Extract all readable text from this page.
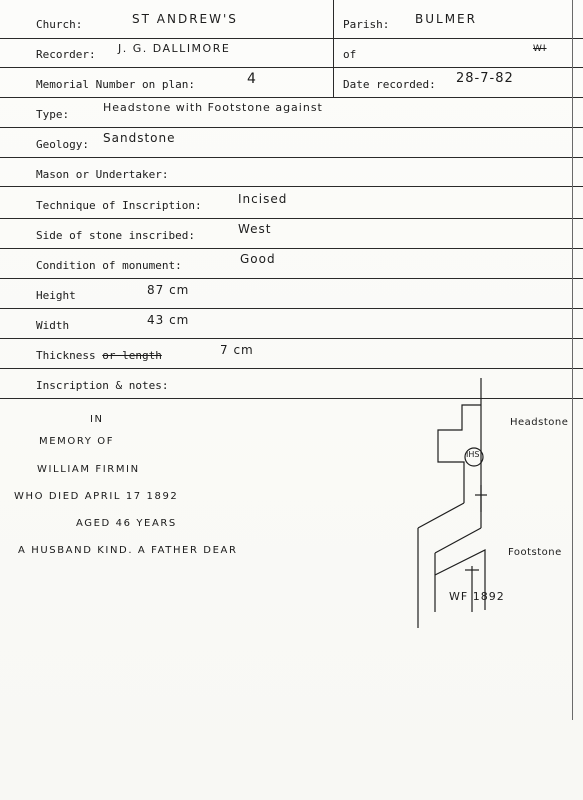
Church:	ST ANDREW'S	Parish: BULMER
Recorder: J. G. DALLIMORE	of	WI
Memorial Number on plan:	4	Date recorded: 28-7-82
Type:
Headstone with Footstone against
Geology: Sandstone
Mason or Undertaker:
Technique of Inscription:	Incised
Side of stone inscribed:	West
Condition of monument:	Good
Height	87 cm
Width	43 cm
Thickness or length	7 cm
Inscription & notes:
IN
MEMORY OF
WILLIAM FIRMIN
WHO DIED APRIL 17 1892
AGED 46 YEARS
A HUSBAND KIND. A FATHER DEAR
Headstone
IHS
Footstone
WF 1892
